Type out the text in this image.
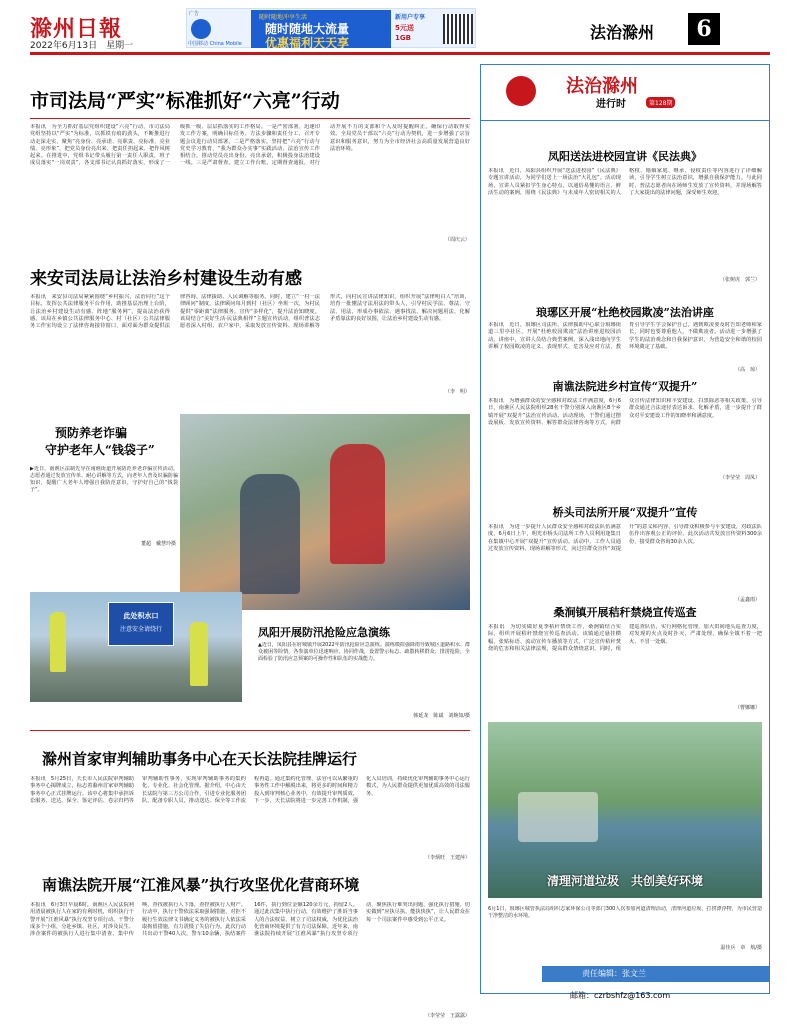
滁州日報
2022年6月13日　星期一
广告
中国移动 China Mobile
随时随地冲享生活
随时随地大流量
优惠福利天天享
新用户专享
5元送
1GB	法治滁州	6
市司法局“严实”标准抓好“六亮”行动
本报讯　为全力抓好基层党组织建设“六亮”行动，市司法局党组坚持以“严实”为标准，以抓铁有痕的劲头，不断推进行动走深走实，聚焦“亮身份、亮承诺、亮职责、亮标准、亮业绩、亮形象”，把党员身份亮出来、把责任担起来、把作风树起来。在推进中，党组书记带头履行第一责任人职责，班子成员落实“一岗双责”，各支部书记认真抓好落实，形成了一级抓一级、层层抓落实的工作格局。一是严密部署。迅速印发工作方案，明确目标任务、方法步骤和责任分工，召开专题会议进行动员部署。二是严格落实。坚持把“六亮”行动与党史学习教育、“我为群众办实事”实践活动、法治宣传工作相结合，推动党员亮出身份、亮出承诺，积极投身法治建设一线。三是严肃督查。建立工作台账，定期督查通报，对行动开展不力的支部和个人及时提醒纠正，确保行动取得实效。全局党员干部以“六亮”行动为契机，进一步增强了宗旨意识和服务意识，努力为全市经济社会高质量发展营造良好法治环境。
（周庆云）
来安司法局让法治乡村建设生动有感
本报讯　来安县司法局紧紧围绕“乡村振兴，法治同行”这个目标，发挥公共法律服务平台作用，助推基层治理上台阶，让法治乡村建设生动有感。阵地“服务网”，提高法治获得感。该局在乡镇公共法律服务中心、村（社区）公共法律服务工作室均设立了法律咨询接待窗口，面对面为群众提供法律咨询、法律援助、人民调解等服务。同时，建立“一村一法律顾问”制度，法律顾问每月到村（社区）坐班一次，为村民提供“零距离”法律服务。宣传“多样化”，提升法治知晓度。该局结合“美好生活·民法典相伴”主题宣传活动，组织普法志愿者深入村组、农户家中，采取发放宣传资料、现场讲解等形式，向村民宣讲法律知识。组织开展“法律明白人”培训，培育一批懂法守法用法的带头人，引导村民学法、尊法、守法、用法，形成办事依法、遇事找法、解决问题用法、化解矛盾靠法的良好氛围，让法治乡村建设生动有感。
（李　明）
预防养老诈骗
守护老年人“钱袋子”
▶近日，南谯区法制先导在南谯街道开展防范养老诈骗宣传活动。志愿者通过发放宣传单、耐心讲解等方式，向老年人普及识骗防骗知识，提醒广大老年人增强自我防范意识，守护好自己的“钱袋子”。
董超　戴慧玲摄
此处积水口
注意安全请绕行	凤阳开展防汛抢险应急演练
▲近日，凤阳县在府城镇开展2022年防汛抢险应急演练。演练模拟强降雨导致城区道路积水、群众被困等险情，各参演单位迅速响应、协同作战，设置警示标志、疏散转移群众、排涝抢险，全面检验了防汛应急预案的可操作性和队伍的实战能力。
韩延龙　陈斌　刘婉如/摄
滁州首家审判辅助事务中心在天长法院挂牌运行
本报讯　5月25日，天长市人民法院审判辅助事务中心揭牌成立，标志着滁州首家审判辅助事务中心正式挂牌运行。该中心将集中承担诉讼服务、送达、保全、鉴定评估、卷宗归档等审判辅助性事务，实现审判辅助事务的集约化、专业化、社会化管理。据介绍，中心由天长法院与第三方公司合作，引进专业化服务团队，配备专职人员，推动送达、保全等工作流程再造。通过集约化管理，法官可以从繁重的事务性工作中解脱出来，将更多的时间和精力投入到审判核心业务中，有效提升审判质效。下一步，天长法院将进一步完善工作机制，强化人员培训，持续优化审判辅助事务中心运行模式，为人民群众提供更加优质高效的司法服务。
（李炳旺　王建萍）
南谯法院开展“江淮风暴”执行攻坚优化营商环境
本报讯　6月3日早晨6时，南谯区人民法院利用清晨被执行人在家的有利时机，组织执行干警开展“江淮风暴”执行攻坚专项行动。干警分成多个小组，分赴乡镇、社区，对涉及民生、涉企案件的被执行人进行集中清查、集中传唤，查找被执行人下落，查控被执行人财产。行动中，执行干警依法采取强制措施，对拒不履行生效法律文书确定义务的被执行人依法采取拘留措施，有力震慑了失信行为。此次行动共出动干警40人次，警车10余辆，执结案件16件，执行到位金额120余万元，拘留2人。通过此次集中执行行动，有效维护了胜诉当事人的合法权益，树立了司法权威，为优化法治化营商环境提供了有力司法保障。近年来，南谯法院持续开展“江淮风暴”执行攻坚专项行动，聚焦执行难突出问题，强化执行措施，切实做到“应执尽执、能执快执”，让人民群众在每一个司法案件中感受到公平正义。
（李莹莹　王露露）
法治滁州
进行时	第128期
凤阳送法进校园宣讲《民法典》
本报讯　近日，凤阳县组织开展“送法进校园”《民法典》专题宣讲活动，为同学们送上一场法治“大礼包”。活动现场，宣讲人员紧扣学生身心特点，以通俗易懂的语言、鲜活生动的案例，围绕《民法典》与未成年人密切相关的人格权、婚姻家庭、继承、侵权责任等内容进行了详细解读，引导学生树立法治意识，增强自我保护能力。与此同时，普法志愿者向在场师生发放了宣传资料，并现场解答了大家提出的法律问题，深受师生欢迎。
（张树虎　郭兰）
琅琊区开展“杜绝校园欺凌”法治讲座
本报讯　近日，琅琊区司法所、法律援助中心联合琅琊街道三里亭社区，开展“杜绝校园欺凌”法治讲座进校园活动。讲座中，宣讲人员结合典型案例，深入浅出地向学生讲解了校园欺凌的定义、表现形式、危害及应对方法，教育引导学生学会保护自己，遇到欺凌要及时告知老师和家长，同时也要尊重他人，不做欺凌者。活动进一步增强了学生的法治观念和自我保护意识，为营造安全和谐的校园环境奠定了基础。
（高　琼）
南谯法院进乡村宣传“双提升”
本报讯　为增强群众的安全感和对政法工作满意度，6月6日，南谯区人民法院组织28名干警分别深入南谯区8个乡镇开展“双提升”法治宣传活动。活动现场，干警们通过摆设展板、发放宣传资料、解答群众法律咨询等方式，向群众宣传法律知识和平安建设、扫黑除恶等相关政策，引导群众通过合法途径表达诉求、化解矛盾，进一步提升了群众对平安建设工作的知晓率和满意度。
（李莹莹　周凤）
桥头司法所开展“双提升”宣传
本报讯　为进一步提升人民群众安全感和对政法队伍满意度，6月6日上午，明光市桥头司法所工作人员利用逢集日在集镇中心开展“双提升”宣传活动。活动中，工作人员通过发放宣传资料、现场讲解等形式，向过往群众宣传“双提升”的意义和内容，引导群众积极参与平安建设，对政法队伍作出客观公正的评价。此次活动共发放宣传资料300余份，接受群众咨询30余人次。
（孟鑫雨）
桑涧镇开展秸秆禁烧宣传巡查
本报讯　为切实做好夏季秸秆禁烧工作，桑涧镇结合实际，组织开展秸秆禁烧宣传巡查活动。该镇通过悬挂横幅、张贴标语、流动宣传车播放等方式，广泛宣传秸秆焚烧的危害和相关法律法规，提高群众禁烧意识。同时，组建巡查队伍，实行网格化管理，加大田间地头巡查力度，对发现的火点及时扑灭、严肃处理，确保全镇不着一把火、不冒一处烟。
（曹娜娜）
清理河道垃圾　共创美好环境
6月1日，琅琊区城管执法局组织志家环保公司等部门300人次参加河道清理活动，清理河道垃圾、打捞漂浮物，为市民营造干净整洁的水环境。
温佳兵　章　航/摄
责任编辑：张文兰
邮箱：czrbshfz@163.com
